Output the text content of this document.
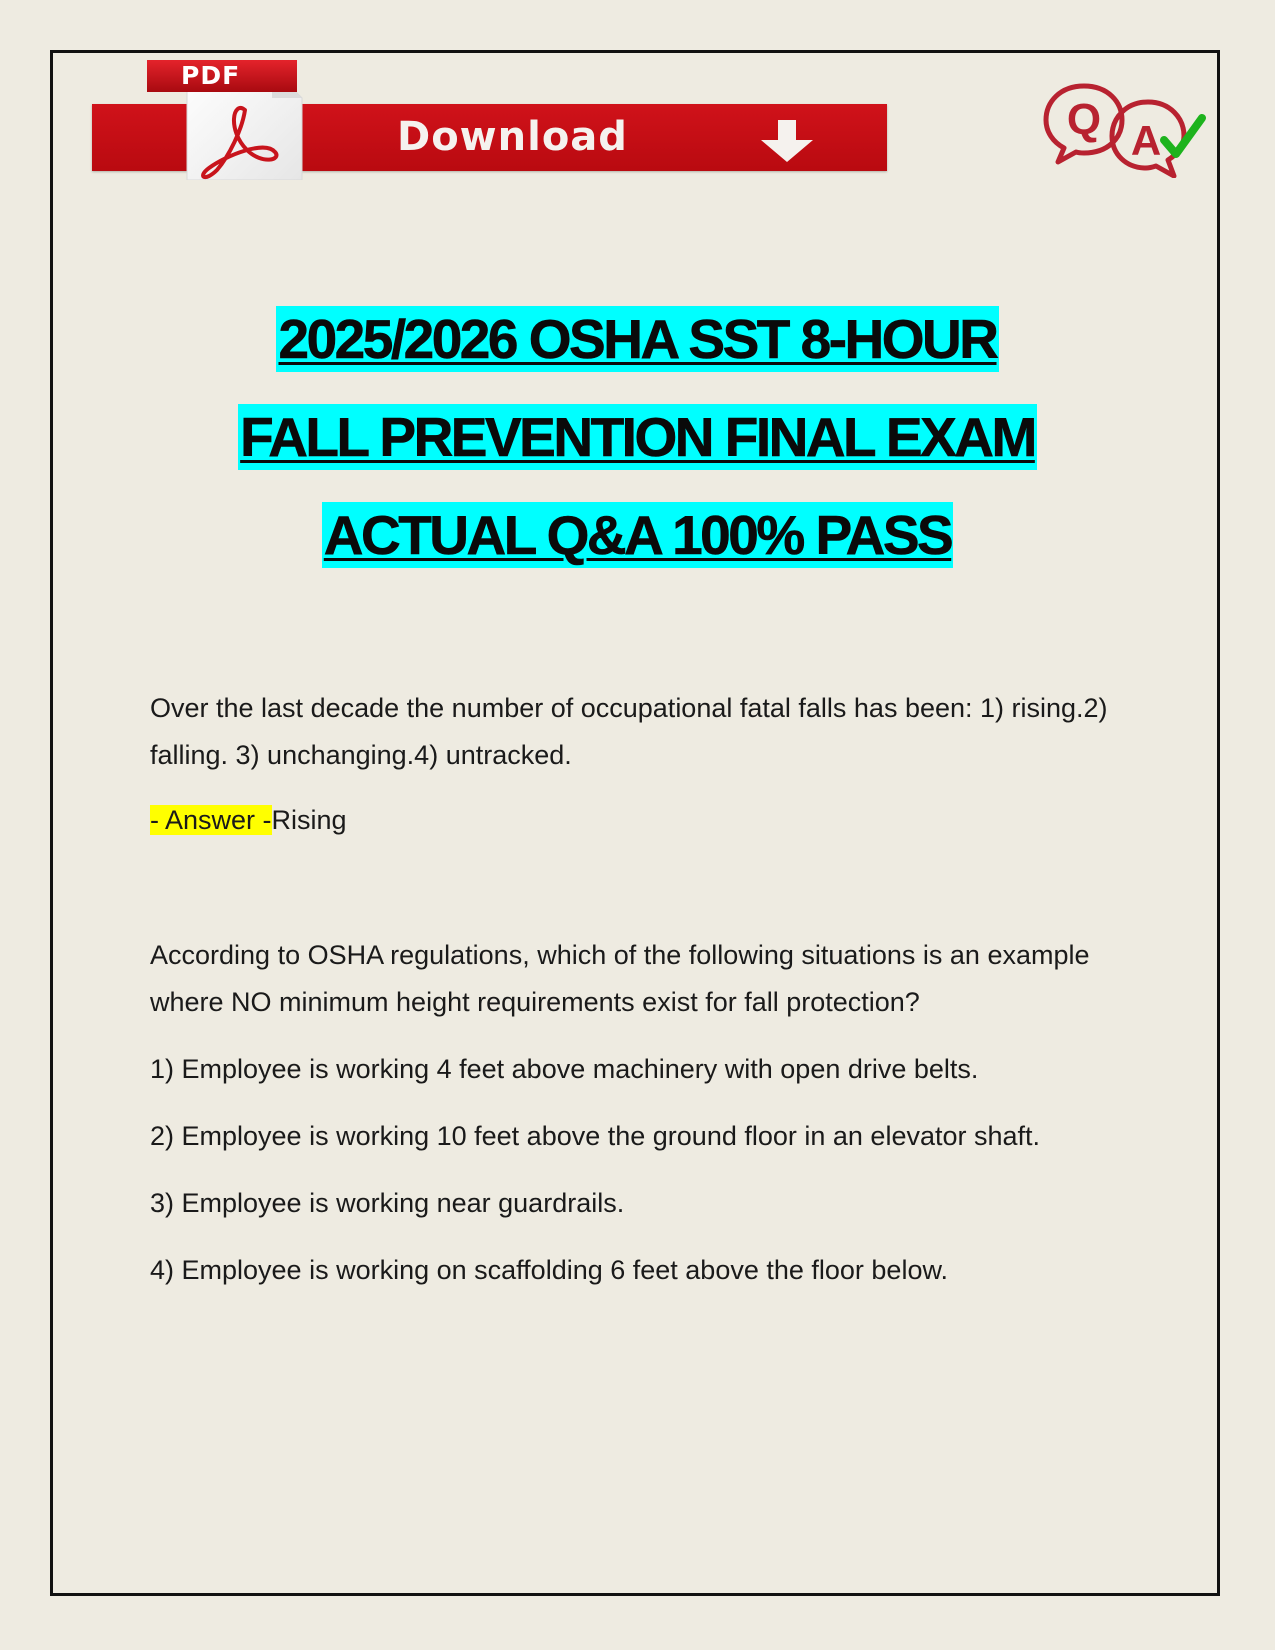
PDF
Download	Q A
2025/2026 OSHA SST 8-HOUR
FALL PREVENTION FINAL EXAM
ACTUAL Q&A 100% PASS

Over the last decade the number of occupational fatal falls has been: 1) rising.2) falling. 3) unchanging.4) untracked.

- Answer -Rising

According to OSHA regulations, which of the following situations is an example where NO minimum height requirements exist for fall protection?

1) Employee is working 4 feet above machinery with open drive belts.
2) Employee is working 10 feet above the ground floor in an elevator shaft.
3) Employee is working near guardrails.
4) Employee is working on scaffolding 6 feet above the floor below.
